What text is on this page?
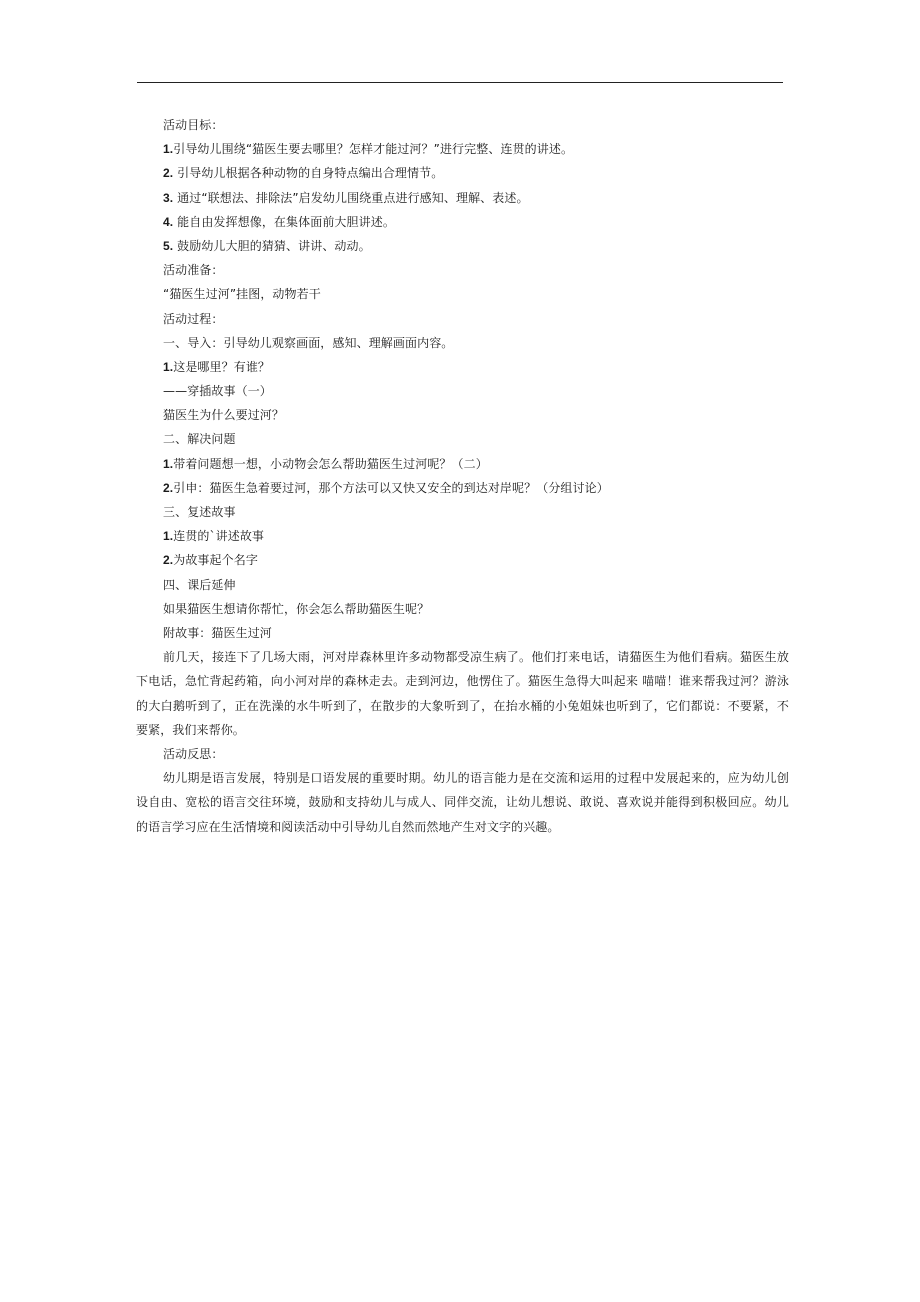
活动目标：
1.引导幼儿围绕“猫医生要去哪里？怎样才能过河？”进行完整、连贯的讲述。
2. 引导幼儿根据各种动物的自身特点编出合理情节。
3. 通过“联想法、排除法”启发幼儿围绕重点进行感知、理解、表述。
4. 能自由发挥想像，在集体面前大胆讲述。
5. 鼓励幼儿大胆的猜猜、讲讲、动动。
活动准备：
“猫医生过河”挂图，动物若干
活动过程：
一、导入：引导幼儿观察画面，感知、理解画面内容。
1.这是哪里？有谁？
——穿插故事（一）
猫医生为什么要过河？
二、解决问题
1.带着问题想一想，小动物会怎么帮助猫医生过河呢？（二）
2.引申：猫医生急着要过河，那个方法可以又快又安全的到达对岸呢？（分组讨论）
三、复述故事
1.连贯的`讲述故事
2.为故事起个名字
四、课后延伸
如果猫医生想请你帮忙，你会怎么帮助猫医生呢？
附故事：猫医生过河
前几天，接连下了几场大雨，河对岸森林里许多动物都受凉生病了。他们打来电话，请猫医生为他们看病。猫医生放下电话，急忙背起药箱，向小河对岸的森林走去。走到河边，他愣住了。猫医生急得大叫起来 喵喵！谁来帮我过河？游泳的大白鹅听到了，正在洗澡的水牛听到了，在散步的大象听到了，在抬水桶的小兔姐妹也听到了，它们都说：不要紧，不要紧，我们来帮你。
活动反思：
幼儿期是语言发展，特别是口语发展的重要时期。幼儿的语言能力是在交流和运用的过程中发展起来的，应为幼儿创设自由、宽松的语言交往环境，鼓励和支持幼儿与成人、同伴交流，让幼儿想说、敢说、喜欢说并能得到积极回应。幼儿的语言学习应在生活情境和阅读活动中引导幼儿自然而然地产生对文字的兴趣。
